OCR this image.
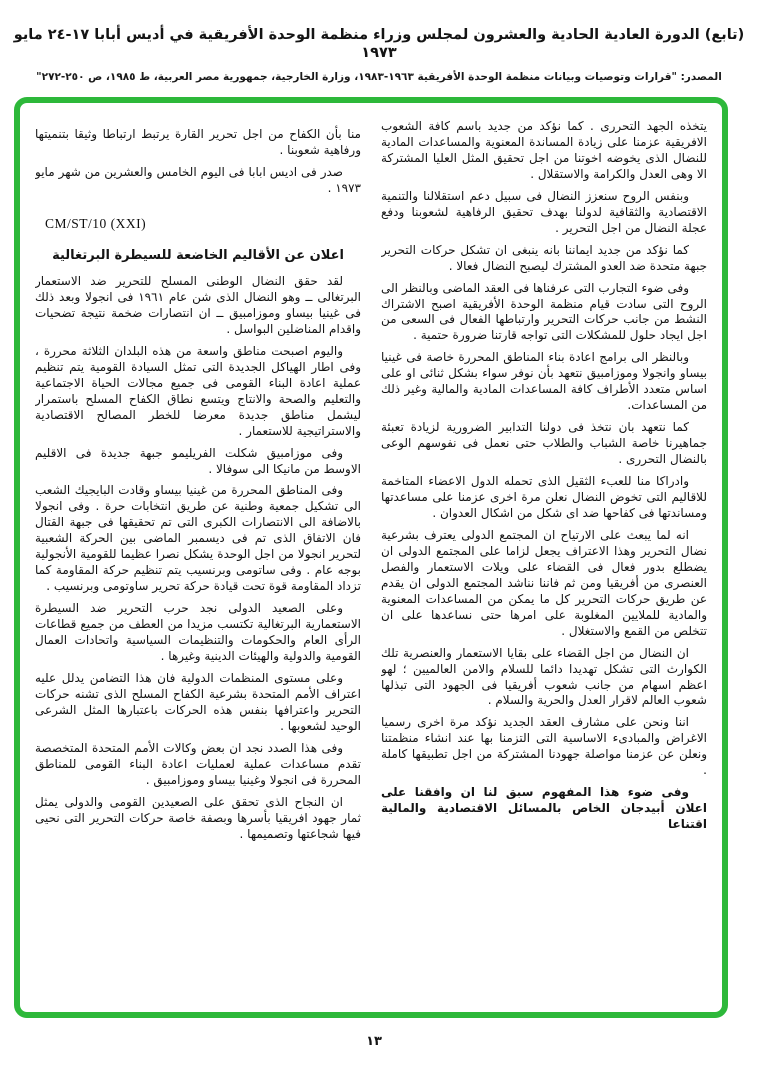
(تابع) الدورة العادية الحادية والعشرون لمجلس وزراء منظمة الوحدة الأفريقية في أديس أبابا ١٧-٢٤ مايو ١٩٧٣
المصدر: "قرارات وتوصيات وبيانات منظمة الوحدة الأفريقية ١٩٦٣-١٩٨٣، وزارة الخارجية، جمهورية مصر العربية، ط ١٩٨٥، ص ٢٥٠-٢٧٢"

يتخذه الجهد التحررى . كما نؤكد من جديد باسم كافة الشعوب الافريقية عزمنا على زيادة المساندة المعنوية والمساعدات المادية للنضال الذى يخوضه اخوتنا من اجل تحقيق المثل العليا المشتركة الا وهى العدل والكرامة والاستقلال .

وبنفس الروح سنعزز النضال فى سبيل دعم استقلالنا والتنمية الاقتصادية والثقافية لدولنا بهدف تحقيق الرفاهية لشعوبنا ودفع عجلة النضال من اجل التحرير .

كما نؤكد من جديد ايماننا بانه ينبغى ان تشكل حركات التحرير جبهة متحدة ضد العدو المشترك ليصبح النضال فعالا .

وفى ضوء التجارب التى عرفناها فى العقد الماضى وبالنظر الى الروح التى سادت قيام منظمة الوحدة الأفريقية اصبح الاشتراك النشط من جانب حركات التحرير وارتباطها الفعال فى السعى من اجل ايجاد حلول للمشكلات التى تواجه قارتنا ضرورة حتمية .

وبالنظر الى برامج اعادة بناء المناطق المحررة خاصة فى غينيا بيساو وانجولا وموزامبيق نتعهد بأن نوفر سواء بشكل ثنائى او على اساس متعدد الأطراف كافة المساعدات المادية والمالية وغير ذلك من المساعدات.

كما نتعهد بان نتخذ فى دولنا التدابير الضرورية لزيادة تعبئة جماهيرنا خاصة الشباب والطلاب حتى نعمل فى نفوسهم الوعى بالنضال التحررى .

وادراكا منا للعبء الثقيل الذى تحمله الدول الاعضاء المتاخمة للاقاليم التى تخوض النضال نعلن مرة اخرى عزمنا على مساعدتها ومساندتها فى كفاحها ضد اى شكل من اشكال العدوان .

انه لما يبعث على الارتياح ان المجتمع الدولى يعترف بشرعية نضال التحرير وهذا الاعتراف يجعل لزاما على المجتمع الدولى ان يضطلع بدور فعال فى القضاء على ويلات الاستعمار والفصل العنصرى من أفريقيا ومن ثم فاننا نناشد المجتمع الدولى ان يقدم عن طريق حركات التحرير كل ما يمكن من المساعدات المعنوية والمادية للملايين المغلوبة على امرها حتى نساعدها على ان تتخلص من القمع والاستغلال .

ان النضال من اجل القضاء على بقايا الاستعمار والعنصرية تلك الكوارث التى تشكل تهديدا دائما للسلام والامن العالميين ؛ لهو اعظم اسهام من جانب شعوب أفريقيا فى الجهود التى تبذلها شعوب العالم لاقرار العدل والحرية والسلام .

اننا ونحن على مشارف العقد الجديد نؤكد مرة اخرى رسميا الاغراض والمبادىء الاساسية التى التزمنا بها عند انشاء منظمتنا ونعلن عن عزمنا مواصلة جهودنا المشتركة من اجل تطبيقها كاملة .

وفى ضوء هذا المفهوم سبق لنا ان وافقنا على اعلان أبيدجان الخاص بالمسائل الاقتصادية والمالية اقتناعا

منا بأن الكفاح من اجل تحرير القارة يرتبط ارتباطا وثيقا بتنميتها ورفاهية شعوبنا .

صدر فى اديس ابابا فى اليوم الخامس والعشرين من شهر مايو ١٩٧٣ .

CM/ST/10 (XXI)
اعلان عن الأقاليم الخاضعة للسيطرة البرتغالية

لقد حقق النضال الوطنى المسلح للتحرير ضد الاستعمار البرتغالى ــ وهو النضال الذى شن عام ١٩٦١ فى انجولا وبعد ذلك فى غينيا بيساو وموزامبيق ــ ان انتصارات ضخمة نتيجة تضحيات واقدام المناضلين البواسل .

واليوم اصبحت مناطق واسعة من هذه البلدان الثلاثة محررة ، وفى اطار الهياكل الجديدة التى تمثل السيادة القومية يتم تنظيم عملية اعادة البناء القومى فى جميع مجالات الحياة الاجتماعية والتعليم والصحة والانتاج ويتسع نطاق الكفاح المسلح باستمرار ليشمل مناطق جديدة معرضا للخطر المصالح الاقتصادية والاستراتيجية للاستعمار .

وفى موزامبيق شكلت الفريليمو جبهة جديدة فى الاقليم الاوسط من مانيكا الى سوفالا .

وفى المناطق المحررة من غينيا بيساو وقادت البايجيك الشعب الى تشكيل جمعية وطنية عن طريق انتخابات حرة . وفى انجولا بالاضافة الى الانتصارات الكبرى التى تم تحقيقها فى جبهة القتال فان الاتفاق الذى تم فى ديسمبر الماضى بين الحركة الشعبية لتحرير انجولا من اجل الوحدة يشكل نصرا عظيما للقومية الأنجولية بوجه عام . وفى ساتومى وبرنسيب يتم تنظيم حركة المقاومة كما تزداد المقاومة قوة تحت قيادة حركة تحرير ساوتومى وبرنسيب .

وعلى الصعيد الدولى نجد حرب التحرير ضد السيطرة الاستعمارية البرتغالية تكتسب مزيدا من العطف من جميع قطاعات الرأى العام والحكومات والتنظيمات السياسية واتحادات العمال القومية والدولية والهيئات الدينية وغيرها .

وعلى مستوى المنظمات الدولية فان هذا التضامن يدلل عليه اعتراف الأمم المتحدة بشرعية الكفاح المسلح الذى تشنه حركات التحرير واعترافها بنفس هذه الحركات باعتبارها المثل الشرعى الوحيد لشعوبها .

وفى هذا الصدد نجد ان بعض وكالات الأمم المتحدة المتخصصة تقدم مساعدات عملية لعمليات اعادة البناء القومى للمناطق المحررة فى انجولا وغينيا بيساو وموزامبيق .

ان النجاح الذى تحقق على الصعيدين القومى والدولى يمثل ثمار جهود افريقيا بأسرها وبصفة خاصة حركات التحرير التى نحيى فيها شجاعتها وتصميمها .

١٣
